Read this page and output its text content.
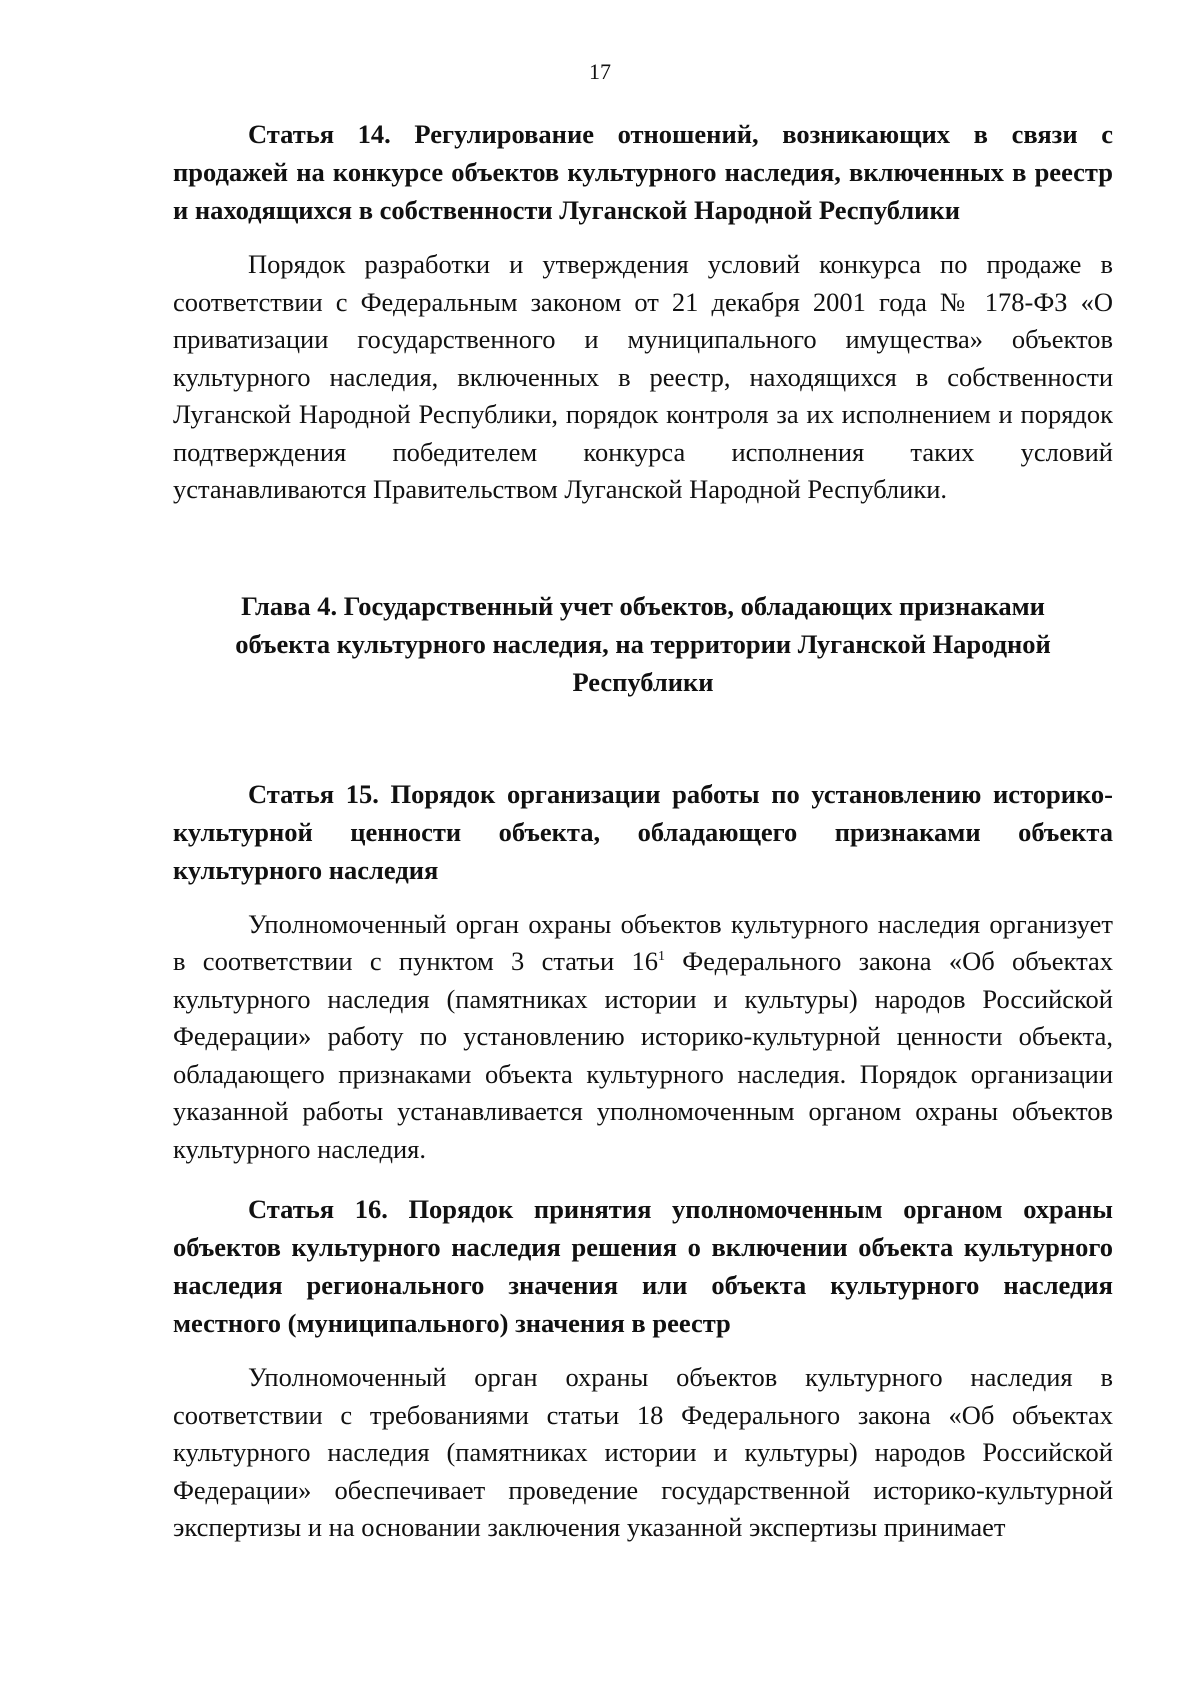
17

Статья 14. Регулирование отношений, возникающих в связи с продажей на конкурсе объектов культурного наследия, включенных в реестр и находящихся в собственности Луганской Народной Республики

Порядок разработки и утверждения условий конкурса по продаже в соответствии с Федеральным законом от 21 декабря 2001 года № 178-ФЗ «О приватизации государственного и муниципального имущества» объектов культурного наследия, включенных в реестр, находящихся в собственности Луганской Народной Республики, порядок контроля за их исполнением и порядок подтверждения победителем конкурса исполнения таких условий устанавливаются Правительством Луганской Народной Республики.

Глава 4. Государственный учет объектов, обладающих признаками объекта культурного наследия, на территории Луганской Народной Республики

Статья 15. Порядок организации работы по установлению историко-культурной ценности объекта, обладающего признаками объекта культурного наследия

Уполномоченный орган охраны объектов культурного наследия организует в соответствии с пунктом 3 статьи $16^1$ Федерального закона «Об объектах культурного наследия (памятниках истории и культуры) народов Российской Федерации» работу по установлению историко-культурной ценности объекта, обладающего признаками объекта культурного наследия. Порядок организации указанной работы устанавливается уполномоченным органом охраны объектов культурного наследия.

Статья 16. Порядок принятия уполномоченным органом охраны объектов культурного наследия решения о включении объекта культурного наследия регионального значения или объекта культурного наследия местного (муниципального) значения в реестр

Уполномоченный орган охраны объектов культурного наследия в соответствии с требованиями статьи 18 Федерального закона «Об объектах культурного наследия (памятниках истории и культуры) народов Российской Федерации» обеспечивает проведение государственной историко-культурной экспертизы и на основании заключения указанной экспертизы принимает
